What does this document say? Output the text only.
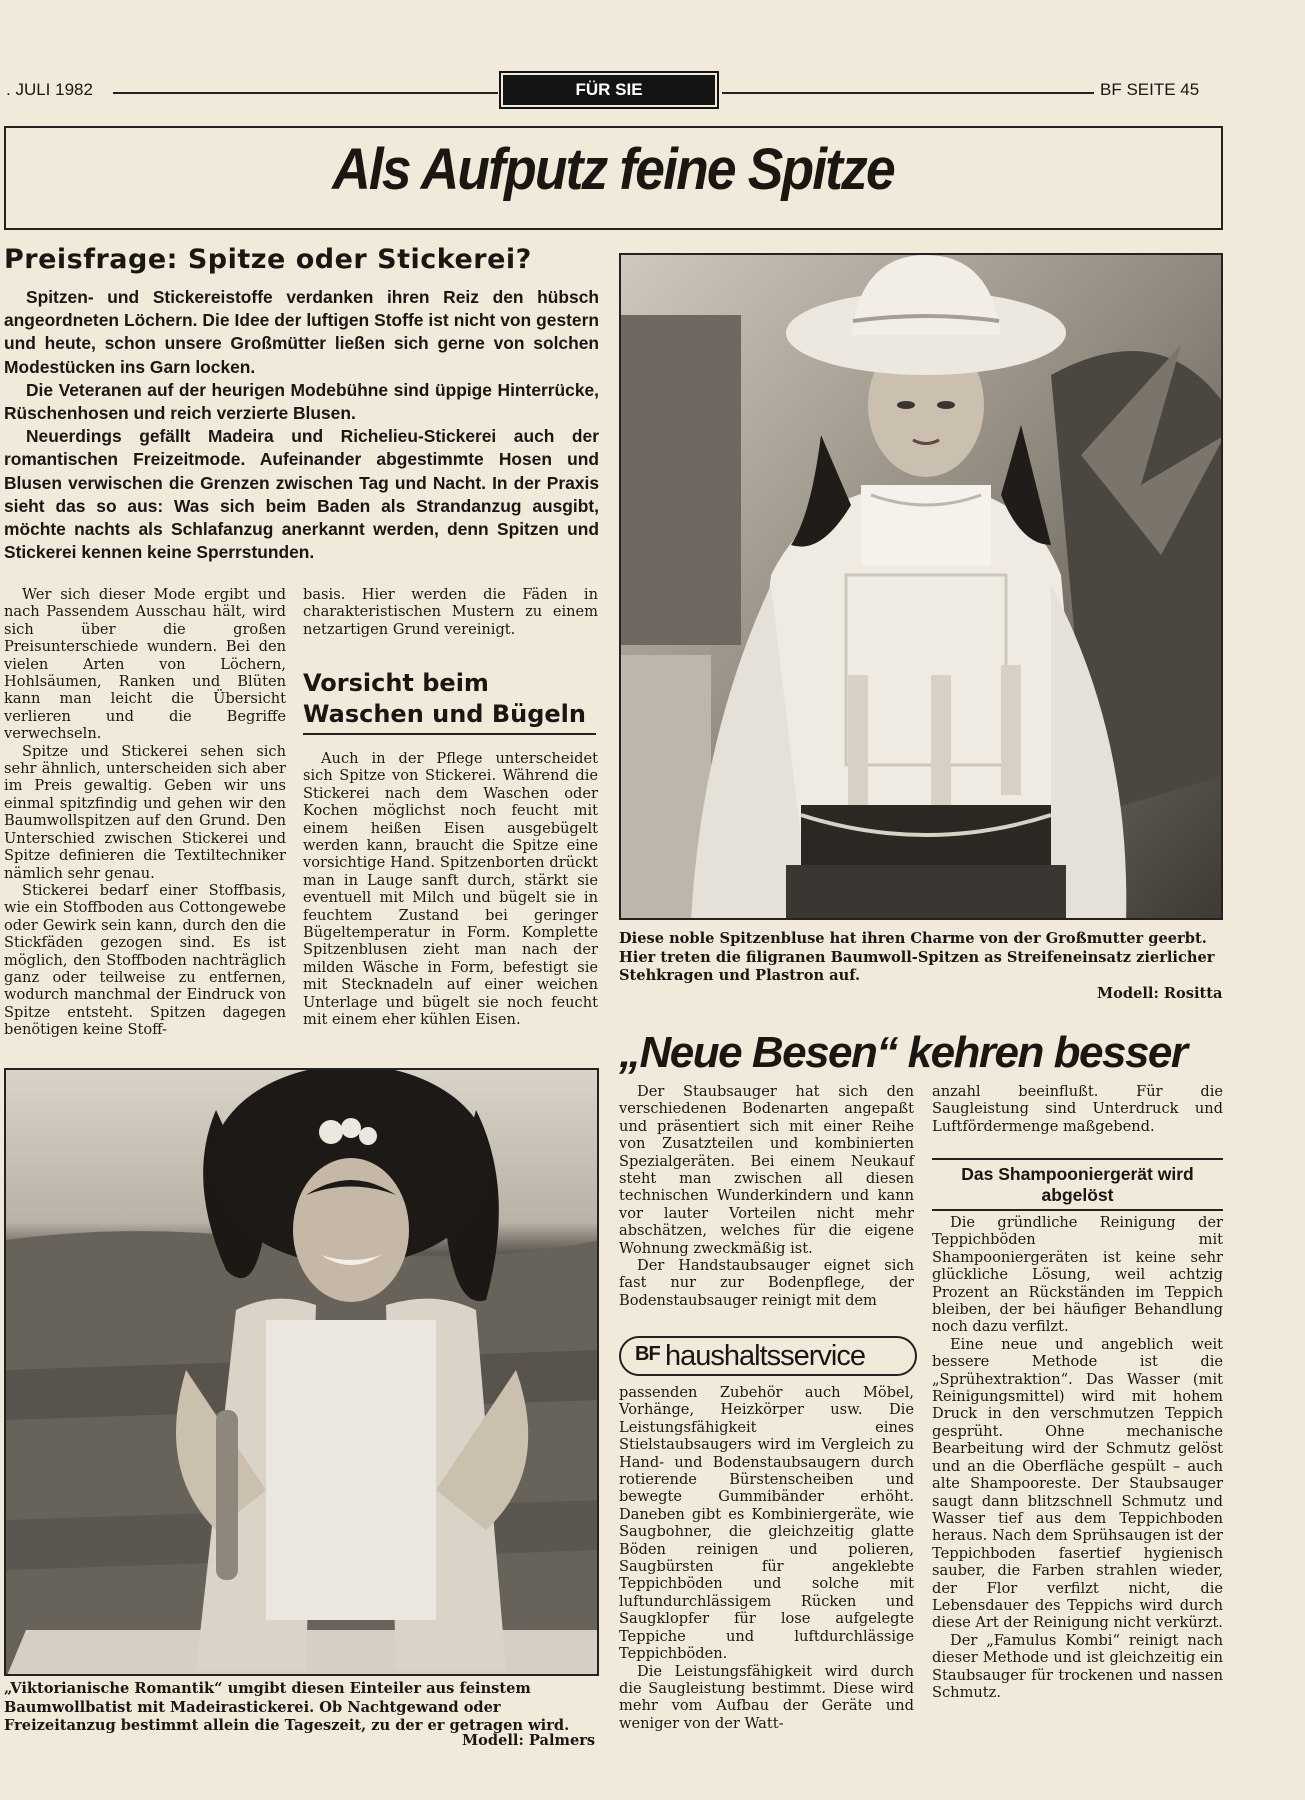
. JULI 1982	FÜR SIE	BF SEITE 45
Als Aufputz feine Spitze
Preisfrage: Spitze oder Stickerei?

Spitzen- und Stickereistoffe verdanken ihren Reiz den hübsch angeordneten Löchern. Die Idee der luftigen Stoffe ist nicht von gestern und heute, schon unsere Großmütter ließen sich gerne von solchen Modestücken ins Garn locken.

Die Veteranen auf der heurigen Modebühne sind üppige Hinterrücke, Rüschenhosen und reich verzierte Blusen.

Neuerdings gefällt Madeira und Richelieu-Stickerei auch der romantischen Freizeitmode. Aufeinander abgestimmte Hosen und Blusen verwischen die Grenzen zwischen Tag und Nacht. In der Praxis sieht das so aus: Was sich beim Baden als Strandanzug ausgibt, möchte nachts als Schlafanzug anerkannt werden, denn Spitzen und Stickerei kennen keine Sperrstunden.

Wer sich dieser Mode ergibt und nach Passendem Ausschau hält, wird sich über die großen Preisunterschiede wundern. Bei den vielen Arten von Löchern, Hohlsäumen, Ranken und Blüten kann man leicht die Übersicht verlieren und die Begriffe verwechseln.

Spitze und Stickerei sehen sich sehr ähnlich, unterscheiden sich aber im Preis gewaltig. Geben wir uns einmal spitzfindig und gehen wir den Baumwollspitzen auf den Grund. Den Unterschied zwischen Stickerei und Spitze definieren die Textiltechniker nämlich sehr genau.

Stickerei bedarf einer Stoffbasis, wie ein Stoffboden aus Cottongewebe oder Gewirk sein kann, durch den die Stickfäden gezogen sind. Es ist möglich, den Stoffboden nachträglich ganz oder teilweise zu entfernen, wodurch manchmal der Eindruck von Spitze entsteht. Spitzen dagegen benötigen keine Stoff-

basis. Hier werden die Fäden in charakteristischen Mustern zu einem netzartigen Grund vereinigt.

Vorsicht beim Waschen und Bügeln

Auch in der Pflege unterscheidet sich Spitze von Stickerei. Während die Stickerei nach dem Waschen oder Kochen möglichst noch feucht mit einem heißen Eisen ausgebügelt werden kann, braucht die Spitze eine vorsichtige Hand. Spitzenborten drückt man in Lauge sanft durch, stärkt sie eventuell mit Milch und bügelt sie in feuchtem Zustand bei geringer Bügeltemperatur in Form. Komplette Spitzenblusen zieht man nach der milden Wäsche in Form, befestigt sie mit Stecknadeln auf einer weichen Unterlage und bügelt sie noch feucht mit einem eher kühlen Eisen.

Diese noble Spitzenbluse hat ihren Charme von der Großmutter geerbt. Hier treten die filigranen Baumwoll-Spitzen as Streifeneinsatz zierlicher Stehkragen und Plastron auf.
Modell: Rositta
„Viktorianische Romantik“ umgibt diesen Einteiler aus feinstem Baumwollbatist mit Madeirastickerei. Ob Nachtgewand oder Freizeitanzug bestimmt allein die Tageszeit, zu der er getragen wird.
Modell: Palmers
„Neue Besen“ kehren besser

Der Staubsauger hat sich den verschiedenen Bodenarten angepaßt und präsentiert sich mit einer Reihe von Zusatzteilen und kombinierten Spezialgeräten. Bei einem Neukauf steht man zwischen all diesen technischen Wunderkindern und kann vor lauter Vorteilen nicht mehr abschätzen, welches für die eigene Wohnung zweckmäßig ist.

Der Handstaubsauger eignet sich fast nur zur Bodenpflege, der Bodenstaubsauger reinigt mit dem

BF haushaltsservice

passenden Zubehör auch Möbel, Vorhänge, Heizkörper usw. Die Leistungsfähigkeit eines Stielstaubsaugers wird im Vergleich zu Hand- und Bodenstaubsaugern durch rotierende Bürstenscheiben und bewegte Gummibänder erhöht. Daneben gibt es Kombiniergeräte, wie Saugbohner, die gleichzeitig glatte Böden reinigen und polieren, Saugbürsten für angeklebte Teppichböden und solche mit luftundurchlässigem Rücken und Saugklopfer für lose aufgelegte Teppiche und luftdurchlässige Teppichböden.

Die Leistungsfähigkeit wird durch die Saugleistung bestimmt. Diese wird mehr vom Aufbau der Geräte und weniger von der Watt-

anzahl beeinflußt. Für die Saugleistung sind Unterdruck und Luftfördermenge maßgebend.

Das Shampooniergerät wird abgelöst

Die gründliche Reinigung der Teppichböden mit Shampooniergeräten ist keine sehr glückliche Lösung, weil achtzig Prozent an Rückständen im Teppich bleiben, der bei häufiger Behandlung noch dazu verfilzt.

Eine neue und angeblich weit bessere Methode ist die „Sprühextraktion“. Das Wasser (mit Reinigungsmittel) wird mit hohem Druck in den verschmutzen Teppich gesprüht. Ohne mechanische Bearbeitung wird der Schmutz gelöst und an die Oberfläche gespült – auch alte Shampooreste. Der Staubsauger saugt dann blitzschnell Schmutz und Wasser tief aus dem Teppichboden heraus. Nach dem Sprühsaugen ist der Teppichboden fasertief hygienisch sauber, die Farben strahlen wieder, der Flor verfilzt nicht, die Lebensdauer des Teppichs wird durch diese Art der Reinigung nicht verkürzt.

Der „Famulus Kombi“ reinigt nach dieser Methode und ist gleichzeitig ein Staubsauger für trockenen und nassen Schmutz.
